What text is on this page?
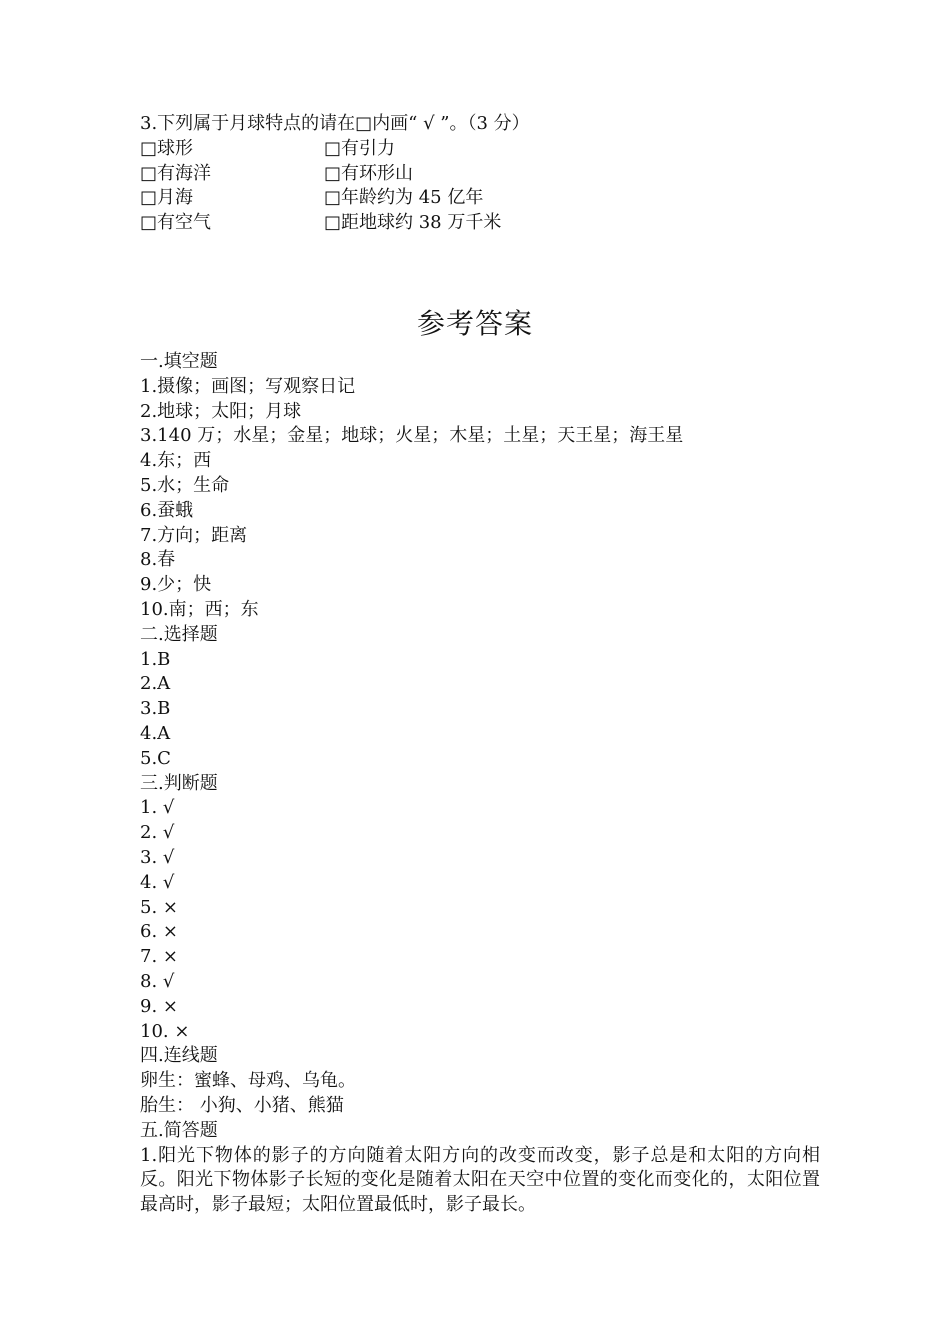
3.下列属于月球特点的请在□内画“ √ ”。（3 分）
□球形	□有引力
□有海洋	□有环形山
□月海	□年龄约为 45 亿年
□有空气	□距地球约 38 万千米
参考答案
一.填空题
1.摄像；画图；写观察日记
2.地球；太阳；月球
3.140 万；水星；金星；地球；火星；木星；土星；天王星；海王星
4.东；西
5.水；生命
6.蚕蛾
7.方向；距离
8.春
9.少；快
10.南；西；东
二.选择题
1.B
2.A
3.B
4.A
5.C
三.判断题
1. √
2. √
3. √
4. √
5. ×
6. ×
7. ×
8. √
9. ×
10. ×
四.连线题
卵生：蜜蜂、母鸡、乌龟。
胎生： 小狗、小猪、熊猫
五.简答题
1.阳光下物体的影子的方向随着太阳方向的改变而改变，影子总是和太阳的方向相反。阳光下物体影子长短的变化是随着太阳在天空中位置的变化而变化的，太阳位置最高时，影子最短；太阳位置最低时，影子最长。
